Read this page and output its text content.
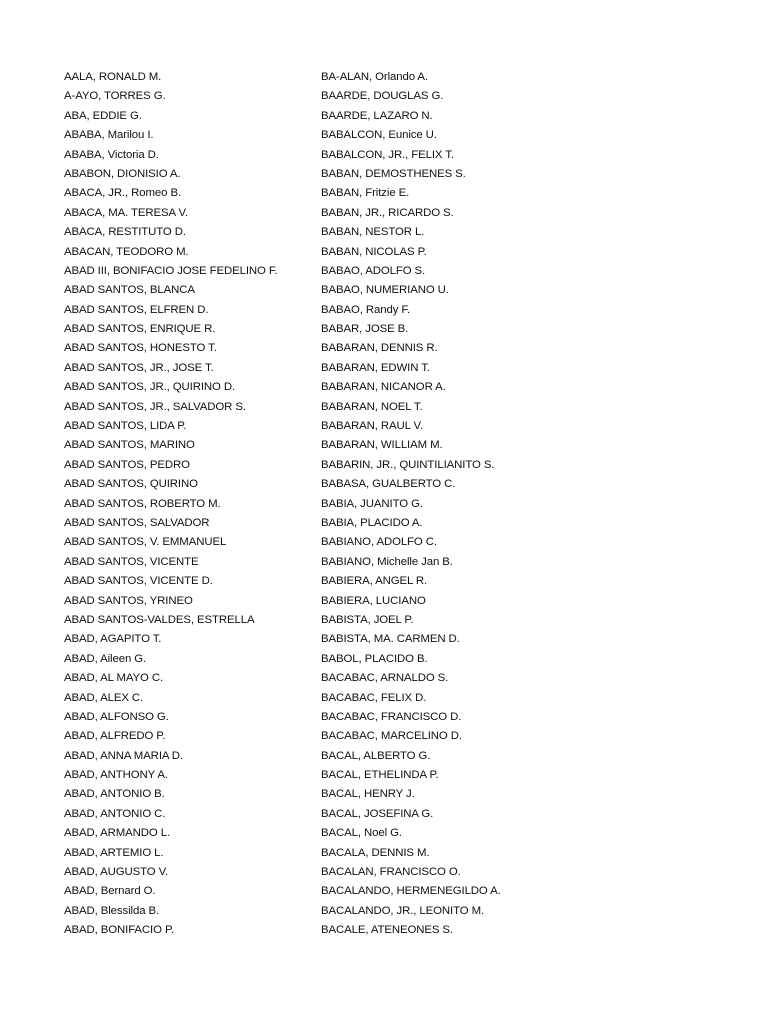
AALA, RONALD M.
A-AYO, TORRES G.
ABA, EDDIE G.
ABABA, Marilou I.
ABABA, Victoria D.
ABABON, DIONISIO A.
ABACA, JR., Romeo B.
ABACA, MA. TERESA V.
ABACA, RESTITUTO D.
ABACAN, TEODORO M.
ABAD III, BONIFACIO JOSE FEDELINO F.
ABAD SANTOS, BLANCA
ABAD SANTOS, ELFREN D.
ABAD SANTOS, ENRIQUE R.
ABAD SANTOS, HONESTO T.
ABAD SANTOS, JR., JOSE T.
ABAD SANTOS, JR., QUIRINO D.
ABAD SANTOS, JR., SALVADOR S.
ABAD SANTOS, LIDA P.
ABAD SANTOS, MARINO
ABAD SANTOS, PEDRO
ABAD SANTOS, QUIRINO
ABAD SANTOS, ROBERTO M.
ABAD SANTOS, SALVADOR
ABAD SANTOS, V. EMMANUEL
ABAD SANTOS, VICENTE
ABAD SANTOS, VICENTE D.
ABAD SANTOS, YRINEO
ABAD SANTOS-VALDES, ESTRELLA
ABAD, AGAPITO T.
ABAD, Aileen G.
ABAD, AL MAYO C.
ABAD, ALEX C.
ABAD, ALFONSO G.
ABAD, ALFREDO P.
ABAD, ANNA MARIA D.
ABAD, ANTHONY A.
ABAD, ANTONIO B.
ABAD, ANTONIO C.
ABAD, ARMANDO L.
ABAD, ARTEMIO L.
ABAD, AUGUSTO V.
ABAD, Bernard O.
ABAD, Blessilda B.
ABAD, BONIFACIO P.
BA-ALAN, Orlando A.
BAARDE, DOUGLAS G.
BAARDE, LAZARO N.
BABALCON, Eunice U.
BABALCON, JR., FELIX T.
BABAN, DEMOSTHENES S.
BABAN, Fritzie E.
BABAN, JR., RICARDO S.
BABAN, NESTOR L.
BABAN, NICOLAS P.
BABAO, ADOLFO S.
BABAO, NUMERIANO U.
BABAO, Randy F.
BABAR, JOSE B.
BABARAN, DENNIS R.
BABARAN, EDWIN T.
BABARAN, NICANOR A.
BABARAN, NOEL T.
BABARAN, RAUL V.
BABARAN, WILLIAM M.
BABARIN, JR., QUINTILIANITO S.
BABASA, GUALBERTO C.
BABIA, JUANITO G.
BABIA, PLACIDO A.
BABIANO, ADOLFO C.
BABIANO, Michelle Jan B.
BABIERA, ANGEL R.
BABIERA, LUCIANO
BABISTA, JOEL P.
BABISTA, MA. CARMEN D.
BABOL, PLACIDO B.
BACABAC, ARNALDO S.
BACABAC, FELIX D.
BACABAC, FRANCISCO D.
BACABAC, MARCELINO D.
BACAL, ALBERTO G.
BACAL, ETHELINDA P.
BACAL, HENRY J.
BACAL, JOSEFINA G.
BACAL, Noel G.
BACALA, DENNIS M.
BACALAN, FRANCISCO O.
BACALANDO, HERMENEGILDO A.
BACALANDO, JR., LEONITO M.
BACALE, ATENEONES S.
